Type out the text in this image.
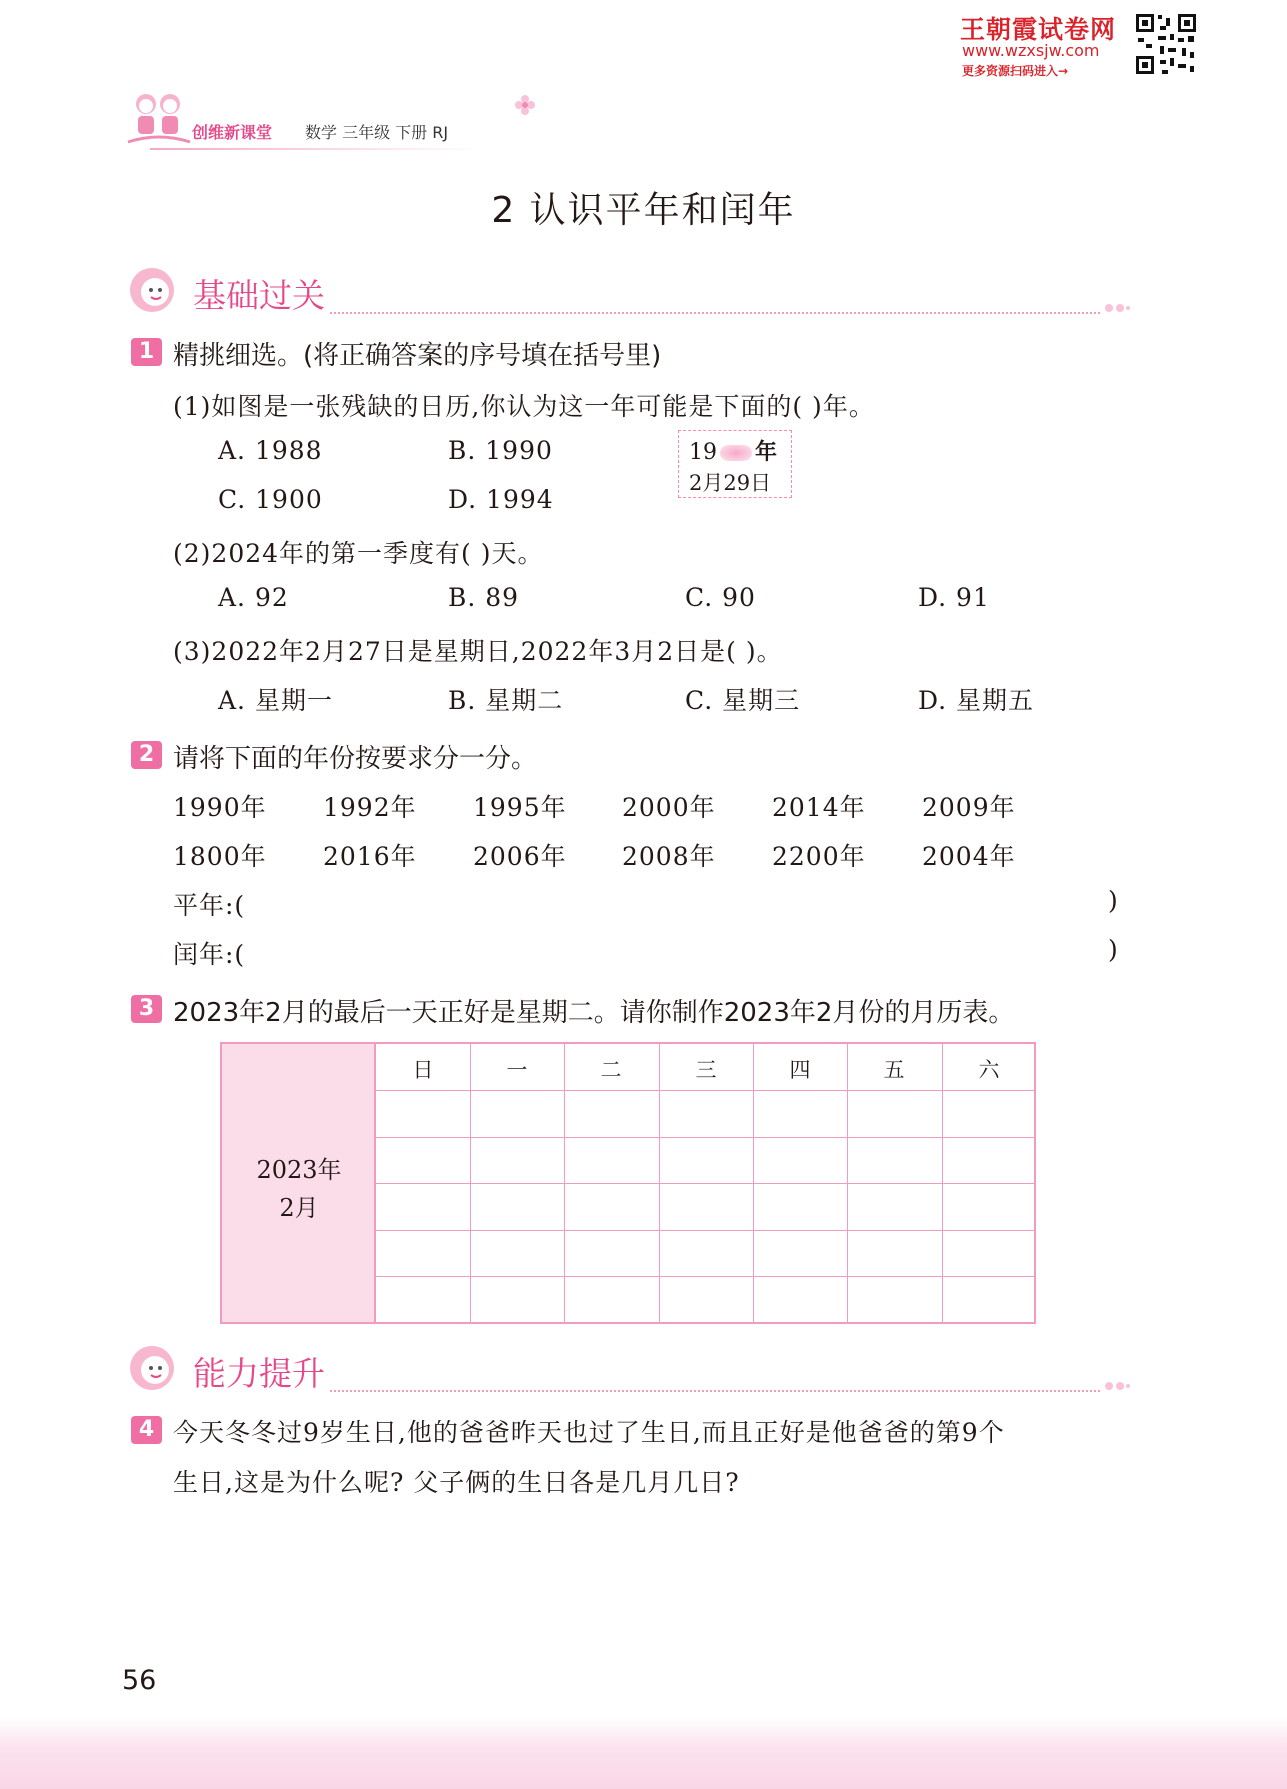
王朝霞试卷网
www.wzxsjw.com
更多资源扫码进入→
创维新课堂 数学 三年级 下册 RJ
2 认识平年和闰年
基础过关
1 精挑细选。(将正确答案的序号填在括号里)
(1)如图是一张残缺的日历,你认为这一年可能是下面的( )年。
A. 1988	B. 1990
C. 1900	D. 1994
19 年
2月29日
(2)2024年的第一季度有( )天。
A. 92	B. 89	C. 90	D. 91
(3)2022年2月27日是星期日,2022年3月2日是( )。
A. 星期一	B. 星期二	C. 星期三	D. 星期五
2 请将下面的年份按要求分一分。
1990年 1992年 1995年 2000年 2014年 2009年
1800年 2016年 2006年 2008年 2200年 2004年
平年:(	)
闰年:(	)
3 2023年2月的最后一天正好是星期二。请你制作2023年2月份的月历表。
2023年
2月
日	一	二	三	四	五	六
能力提升
4 今天冬冬过9岁生日,他的爸爸昨天也过了生日,而且正好是他爸爸的第9个
生日,这是为什么呢? 父子俩的生日各是几月几日?
56
